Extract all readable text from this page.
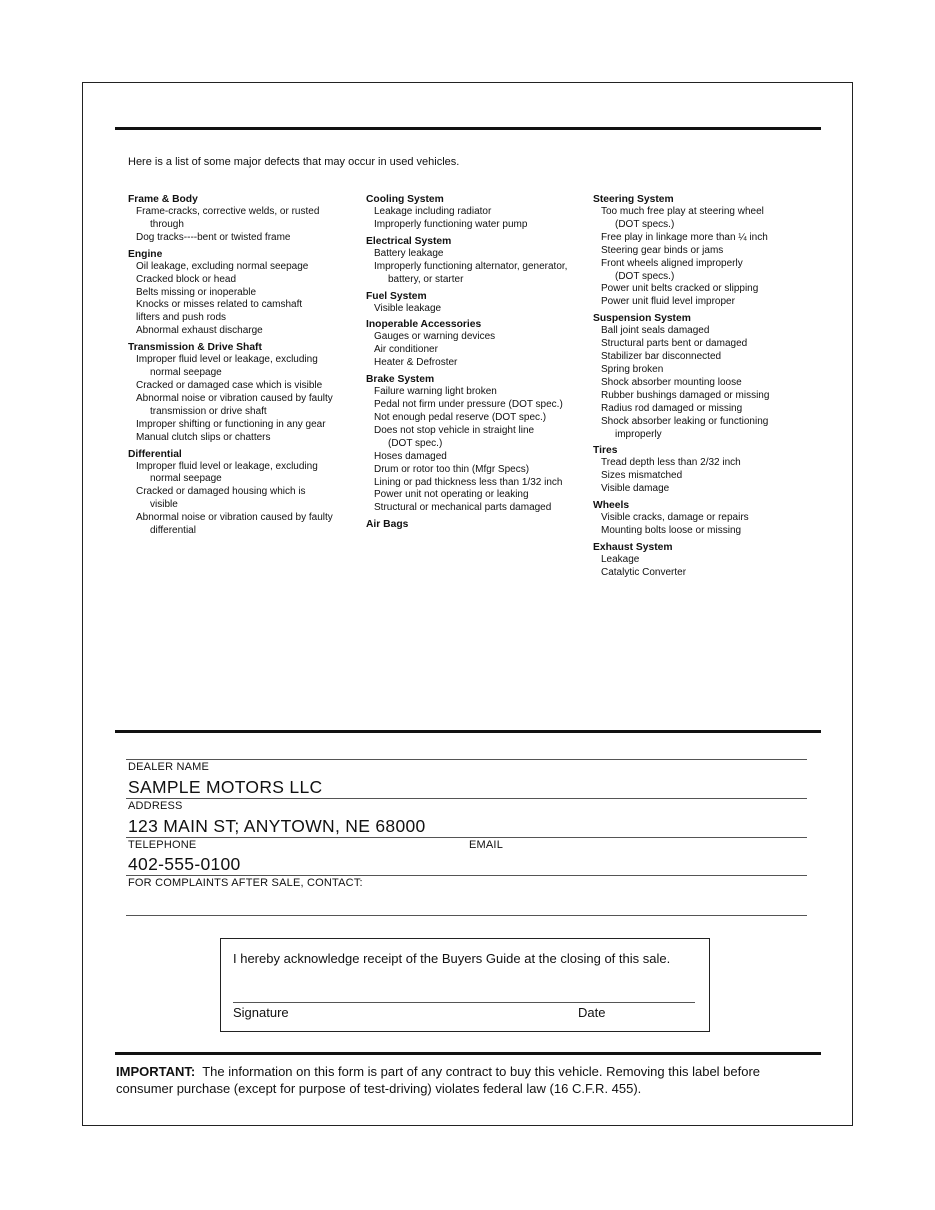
Here is a list of some major defects that may occur in used vehicles.
Frame & Body
Frame-cracks, corrective welds, or rusted
through
Dog tracks----bent or twisted frame
Engine
Oil leakage, excluding normal seepage
Cracked block or head
Belts missing or inoperable
Knocks or misses related to camshaft
lifters and push rods
Abnormal exhaust discharge
Transmission & Drive Shaft
Improper fluid level or leakage, excluding
normal seepage
Cracked or damaged case which is visible
Abnormal noise or vibration caused by faulty
transmission or drive shaft
Improper shifting or functioning in any gear
Manual clutch slips or chatters
Differential
Improper fluid level or leakage, excluding
normal seepage
Cracked or damaged housing which is
visible
Abnormal noise or vibration caused by faulty
differential
Cooling System
Leakage including radiator
Improperly functioning water pump
Electrical System
Battery leakage
Improperly functioning alternator, generator,
battery, or starter
Fuel System
Visible leakage
Inoperable Accessories
Gauges or warning devices
Air conditioner
Heater & Defroster
Brake System
Failure warning light broken
Pedal not firm under pressure (DOT spec.)
Not enough pedal reserve (DOT spec.)
Does not stop vehicle in straight line
(DOT spec.)
Hoses damaged
Drum or rotor too thin (Mfgr Specs)
Lining or pad thickness less than 1/32 inch
Power unit not operating or leaking
Structural or mechanical parts damaged
Air Bags
Steering System
Too much free play at steering wheel
(DOT specs.)
Free play in linkage more than ¼ inch
Steering gear binds or jams
Front wheels aligned improperly
(DOT specs.)
Power unit belts cracked or slipping
Power unit fluid level improper
Suspension System
Ball joint seals damaged
Structural parts bent or damaged
Stabilizer bar disconnected
Spring broken
Shock absorber mounting loose
Rubber bushings damaged or missing
Radius rod damaged or missing
Shock absorber leaking or functioning
improperly
Tires
Tread depth less than 2/32 inch
Sizes mismatched
Visible damage
Wheels
Visible cracks, damage or repairs
Mounting bolts loose or missing
Exhaust System
Leakage
Catalytic Converter
DEALER NAME
SAMPLE MOTORS LLC
ADDRESS
123 MAIN ST; ANYTOWN, NE 68000
TELEPHONE	EMAIL
402-555-0100
FOR COMPLAINTS AFTER SALE, CONTACT:
I hereby acknowledge receipt of the Buyers Guide at the closing of this sale.
Signature	Date
IMPORTANT: The information on this form is part of any contract to buy this vehicle. Removing this label before consumer purchase (except for purpose of test-driving) violates federal law (16 C.F.R. 455).
